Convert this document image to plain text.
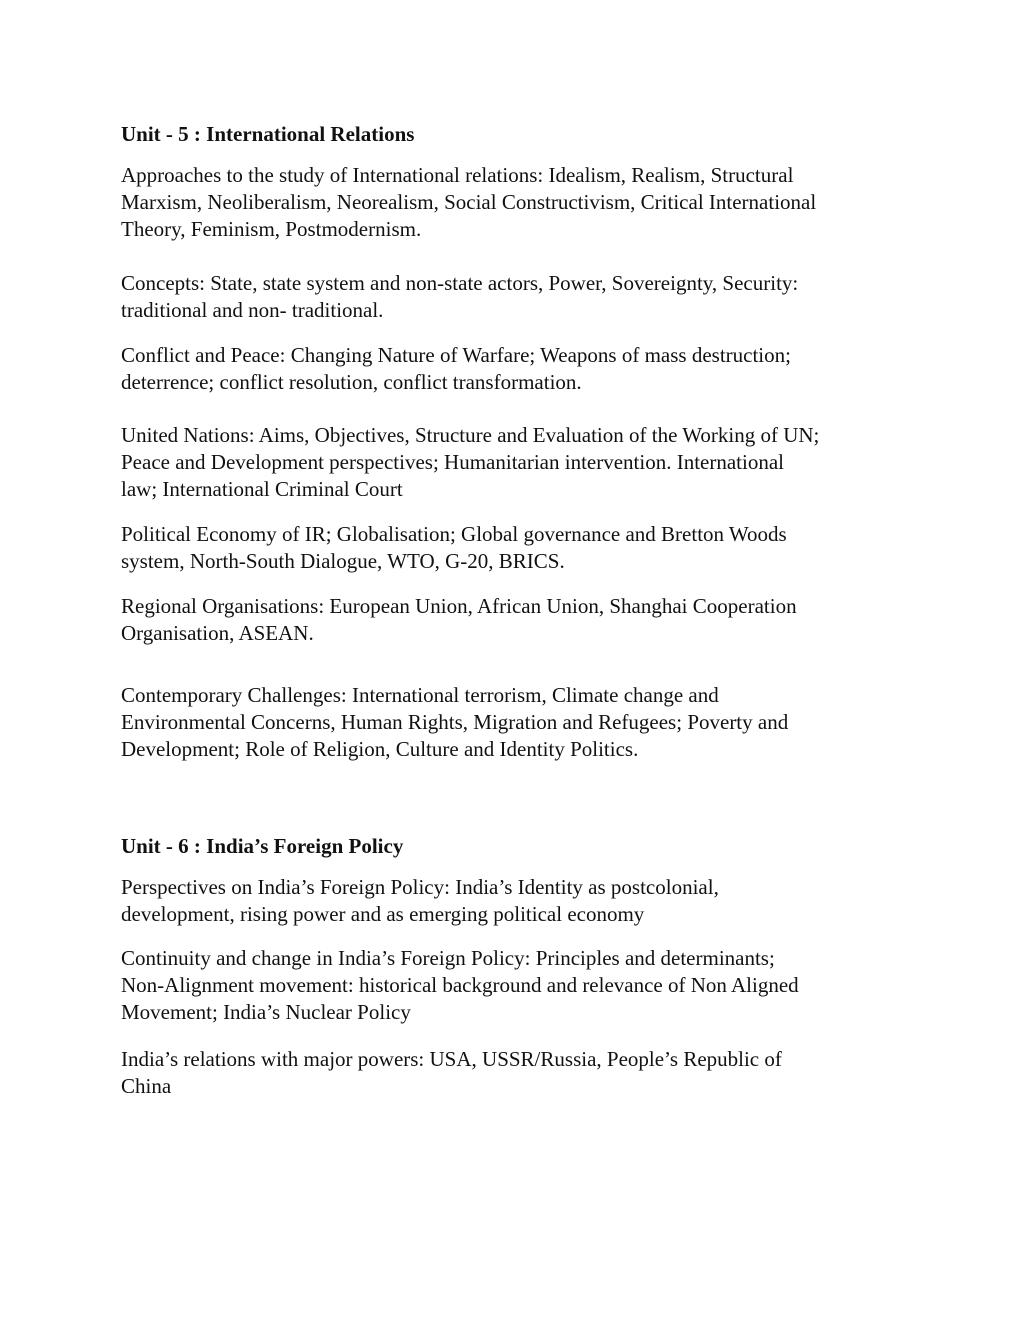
Unit - 5 : International Relations
Approaches to the study of International relations: Idealism, Realism, Structural
Marxism, Neoliberalism, Neorealism, Social Constructivism, Critical International
Theory, Feminism, Postmodernism.
Concepts: State, state system and non-state actors, Power, Sovereignty, Security:
traditional and non- traditional.
Conflict and Peace: Changing Nature of Warfare; Weapons of mass destruction;
deterrence; conflict resolution, conflict transformation.
United Nations: Aims, Objectives, Structure and Evaluation of the Working of UN;
Peace and Development perspectives; Humanitarian intervention. International
law; International Criminal Court
Political Economy of IR; Globalisation; Global governance and Bretton Woods
system, North-South Dialogue, WTO, G-20, BRICS.
Regional Organisations: European Union, African Union, Shanghai Cooperation
Organisation, ASEAN.
Contemporary Challenges: International terrorism, Climate change and
Environmental Concerns, Human Rights, Migration and Refugees; Poverty and
Development; Role of Religion, Culture and Identity Politics.
Unit - 6 : India’s Foreign Policy
Perspectives on India’s Foreign Policy: India’s Identity as postcolonial,
development, rising power and as emerging political economy
Continuity and change in India’s Foreign Policy: Principles and determinants;
Non-Alignment movement: historical background and relevance of Non Aligned
Movement; India’s Nuclear Policy
India’s relations with major powers: USA, USSR/Russia, People’s Republic of
China
